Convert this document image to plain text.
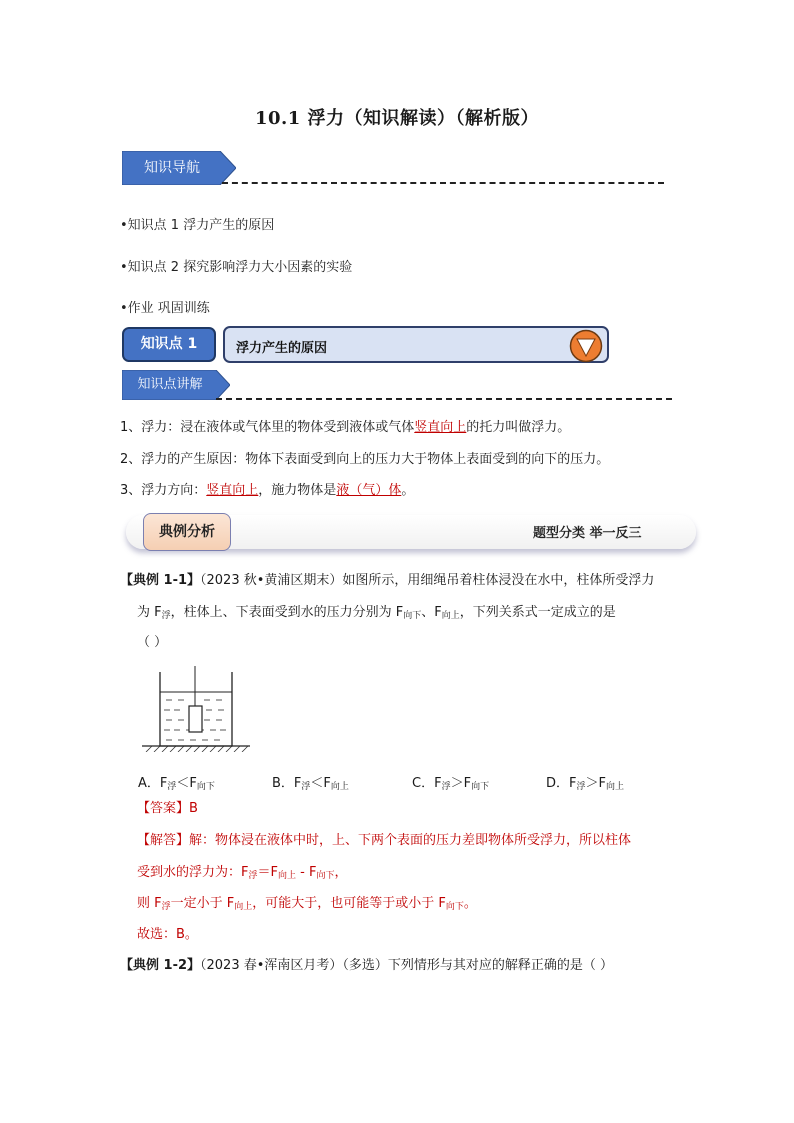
10.1 浮力（知识解读）（解析版）
知识导航
•知识点 1 浮力产生的原因
•知识点 2 探究影响浮力大小因素的实验
•作业 巩固训练
知识点 1	浮力产生的原因
知识点讲解
1、浮力：浸在液体或气体里的物体受到液体或气体竖直向上的托力叫做浮力。
2、浮力的产生原因：物体下表面受到向上的压力大于物体上表面受到的向下的压力。
3、浮力方向：竖直向上，施力物体是液（气）体。
典例分析	题型分类 举一反三
【典例 1-1】（2023 秋•黄浦区期末）如图所示，用细绳吊着柱体浸没在水中，柱体所受浮力
为 $F_浮$，柱体上、下表面受到水的压力分别为 $F_{向下}$、$F_{向上}$，下列关系式一定成立的是
（ ）
A．$F_浮<F_{向下}$	B．$F_浮<F_{向上}$	C．$F_浮>F_{向下}$	D．$F_浮>F_{向上}$
【答案】B
【解答】解：物体浸在液体中时，上、下两个表面的压力差即物体所受浮力，所以柱体
受到水的浮力为：$F_浮=F_{向上} - F_{向下}$，
则 $F_浮$一定小于 $F_{向上}$，可能大于，也可能等于或小于 $F_{向下}$。
故选：B。
【典例 1-2】（2023 春•浑南区月考）（多选）下列情形与其对应的解释正确的是（ ）
